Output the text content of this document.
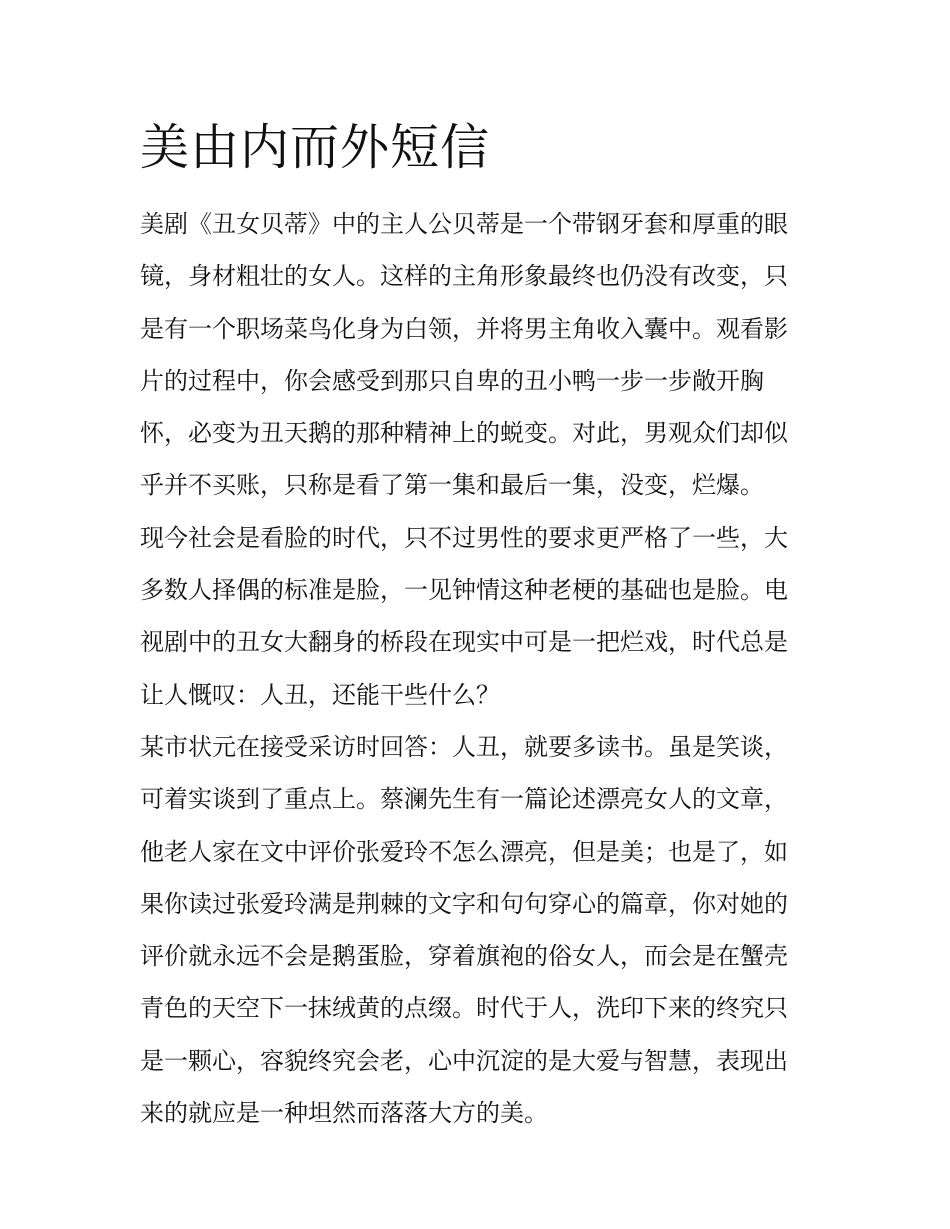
美由内而外短信
美剧《丑女贝蒂》中的主人公贝蒂是一个带钢牙套和厚重的眼
镜，身材粗壮的女人。这样的主角形象最终也仍没有改变，只
是有一个职场菜鸟化身为白领，并将男主角收入囊中。观看影
片的过程中，你会感受到那只自卑的丑小鸭一步一步敞开胸
怀，必变为丑天鹅的那种精神上的蜕变。对此，男观众们却似
乎并不买账，只称是看了第一集和最后一集，没变，烂爆。
现今社会是看脸的时代，只不过男性的要求更严格了一些，大
多数人择偶的标准是脸，一见钟情这种老梗的基础也是脸。电
视剧中的丑女大翻身的桥段在现实中可是一把烂戏，时代总是
让人慨叹：人丑，还能干些什么？
某市状元在接受采访时回答：人丑，就要多读书。虽是笑谈，
可着实谈到了重点上。蔡澜先生有一篇论述漂亮女人的文章，
他老人家在文中评价张爱玲不怎么漂亮，但是美；也是了，如
果你读过张爱玲满是荆棘的文字和句句穿心的篇章，你对她的
评价就永远不会是鹅蛋脸，穿着旗袍的俗女人，而会是在蟹壳
青色的天空下一抹绒黄的点缀。时代于人，洗印下来的终究只
是一颗心，容貌终究会老，心中沉淀的是大爱与智慧，表现出
来的就应是一种坦然而落落大方的美。
